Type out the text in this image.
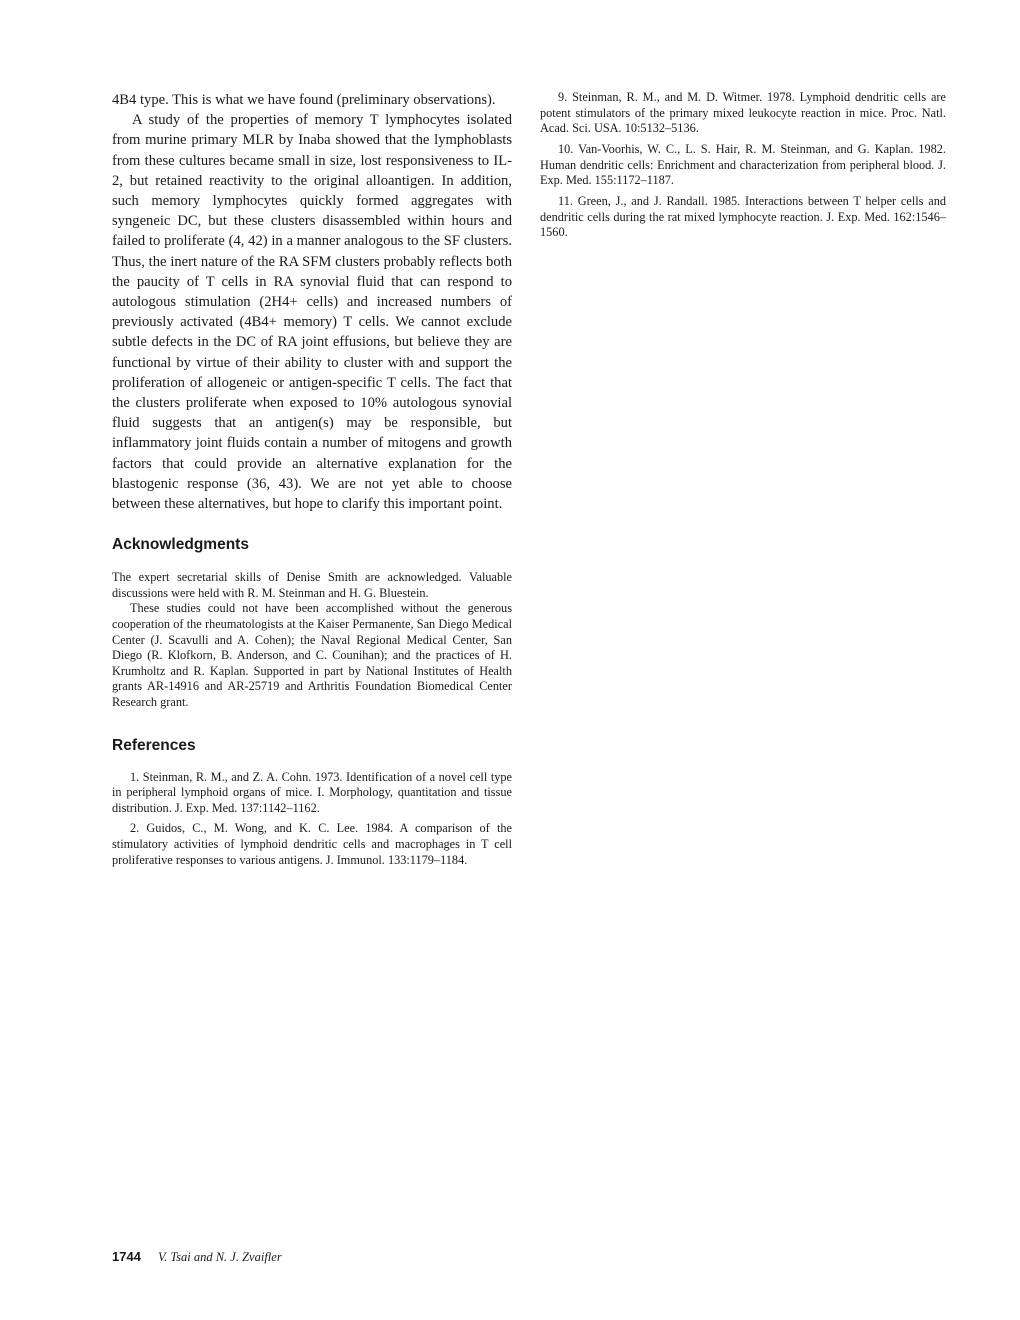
4B4 type. This is what we have found (preliminary observations).

A study of the properties of memory T lymphocytes isolated from murine primary MLR by Inaba showed that the lymphoblasts from these cultures became small in size, lost responsiveness to IL-2, but retained reactivity to the original alloantigen. In addition, such memory lymphocytes quickly formed aggregates with syngeneic DC, but these clusters disassembled within hours and failed to proliferate (4, 42) in a manner analogous to the SF clusters. Thus, the inert nature of the RA SFM clusters probably reflects both the paucity of T cells in RA synovial fluid that can respond to autologous stimulation (2H4+ cells) and increased numbers of previously activated (4B4+ memory) T cells. We cannot exclude subtle defects in the DC of RA joint effusions, but believe they are functional by virtue of their ability to cluster with and support the proliferation of allogeneic or antigen-specific T cells. The fact that the clusters proliferate when exposed to 10% autologous synovial fluid suggests that an antigen(s) may be responsible, but inflammatory joint fluids contain a number of mitogens and growth factors that could provide an alternative explanation for the blastogenic response (36, 43). We are not yet able to choose between these alternatives, but hope to clarify this important point.

Acknowledgments

The expert secretarial skills of Denise Smith are acknowledged. Valuable discussions were held with R. M. Steinman and H. G. Bluestein.

These studies could not have been accomplished without the generous cooperation of the rheumatologists at the Kaiser Permanente, San Diego Medical Center (J. Scavulli and A. Cohen); the Naval Regional Medical Center, San Diego (R. Klofkorn, B. Anderson, and C. Counihan); and the practices of H. Krumholtz and R. Kaplan. Supported in part by National Institutes of Health grants AR-14916 and AR-25719 and Arthritis Foundation Biomedical Center Research grant.

References

1. Steinman, R. M., and Z. A. Cohn. 1973. Identification of a novel cell type in peripheral lymphoid organs of mice. I. Morphology, quantitation and tissue distribution. J. Exp. Med. 137:1142–1162.

2. Guidos, C., M. Wong, and K. C. Lee. 1984. A comparison of the stimulatory activities of lymphoid dendritic cells and macrophages in T cell proliferative responses to various antigens. J. Immunol. 133:1179–1184.

9. Steinman, R. M., and M. D. Witmer. 1978. Lymphoid dendritic cells are potent stimulators of the primary mixed leukocyte reaction in mice. Proc. Natl. Acad. Sci. USA. 10:5132–5136.

10. Van-Voorhis, W. C., L. S. Hair, R. M. Steinman, and G. Kaplan. 1982. Human dendritic cells: Enrichment and characterization from peripheral blood. J. Exp. Med. 155:1172–1187.

11. Green, J., and J. Randall. 1985. Interactions between T helper cells and dendritic cells during the rat mixed lymphocyte reaction. J. Exp. Med. 162:1546–1560.

1744 V. Tsai and N. J. Zvaifler
